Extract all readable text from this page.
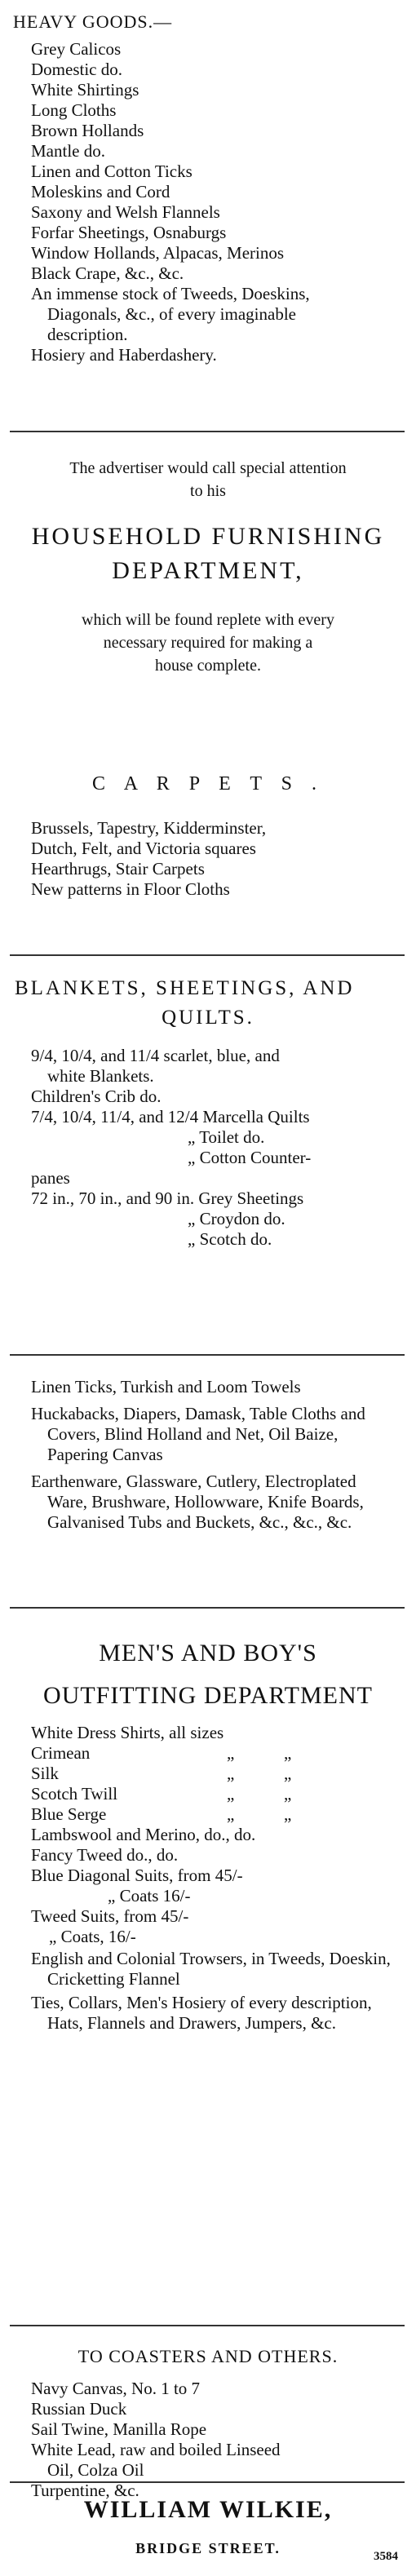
HEAVY GOODS.—
Grey Calicos
Domestic do.
White Shirtings
Long Cloths
Brown Hollands
Mantle do.
Linen and Cotton Ticks
Moleskins and Cord
Saxony and Welsh Flannels
Forfar Sheetings, Osnaburgs
Window Hollands, Alpacas, Merinos
Black Crape, &c., &c.
An immense stock of Tweeds, Doeskins,
Diagonals, &c., of every imaginable
description.
Hosiery and Haberdashery.
The advertiser would call special attention
to his
HOUSEHOLD FURNISHING
DEPARTMENT,
which will be found replete with every
necessary required for making a
house complete.
C A R P E T S .
Brussels, Tapestry, Kidderminster,
Dutch, Felt, and Victoria squares
Hearthrugs, Stair Carpets
New patterns in Floor Cloths
BLANKETS, SHEETINGS, AND
QUILTS.
9/4, 10/4, and 11/4 scarlet, blue, and
white Blankets.
Children's Crib do.
7/4, 10/4, 11/4, and 12/4 Marcella Quilts
„ Toilet do.
„ Cotton Counter-
panes
72 in., 70 in., and 90 in. Grey Sheetings
„ Croydon do.
„ Scotch do.
Linen Ticks, Turkish and Loom Towels
Huckabacks, Diapers, Damask, Table Cloths and Covers, Blind Holland and Net, Oil Baize, Papering Canvas
Earthenware, Glassware, Cutlery, Electroplated Ware, Brushware, Hollowware, Knife Boards, Galvanised Tubs and Buckets, &c., &c., &c.
MEN'S AND BOY'S
OUTFITTING DEPARTMENT
White Dress Shirts, all sizes
Crimean	„	„
Silk	„	„
Scotch Twill	„	„
Blue Serge	„	„
Lambswool and Merino, do., do.
Fancy Tweed do., do.
Blue Diagonal Suits, from 45/-
„ Coats 16/-
Tweed Suits, from 45/-
„ Coats, 16/-
English and Colonial Trowsers, in Tweeds, Doeskin, Cricketting Flannel
Ties, Collars, Men's Hosiery of every description, Hats, Flannels and Drawers, Jumpers, &c.
TO COASTERS AND OTHERS.
Navy Canvas, No. 1 to 7
Russian Duck
Sail Twine, Manilla Rope
White Lead, raw and boiled Linseed
Oil, Colza Oil
Turpentine, &c.
WILLIAM WILKIE,
BRIDGE STREET.	3584
